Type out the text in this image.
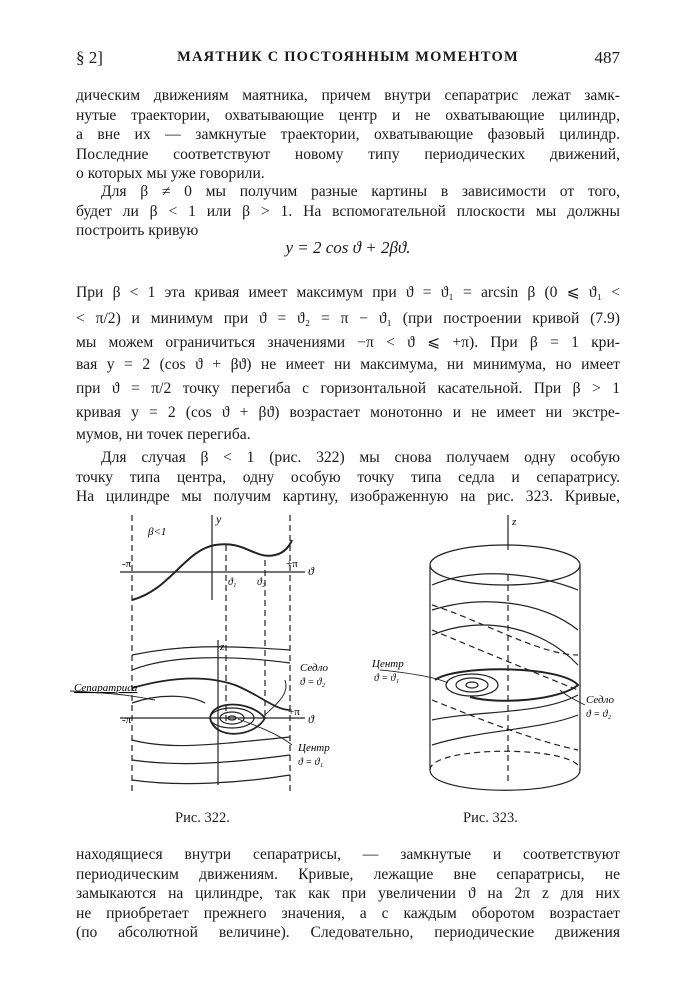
§ 2]	МАЯТНИК С ПОСТОЯННЫМ МОМЕНТОМ	487
дическим движениям маятника, причем внутри сепаратрис лежат замк-
нутые траектории, охватывающие центр и не охватывающие цилиндр,
а вне их — замкнутые траектории, охватывающие фазовый цилиндр.
Последние соответствуют новому типу периодических движений,
о которых мы уже говорили.
Для β ≠ 0 мы получим разные картины в зависимости от того,
будет ли β < 1 или β > 1. На вспомогательной плоскости мы должны
построить кривую
y = 2 cos ϑ + 2βϑ.
При β < 1 эта кривая имеет максимум при ϑ = ϑ₁ = arcsin β (0 ⩽ ϑ₁ <
< π/2) и минимум при ϑ = ϑ₂ = π − ϑ₁ (при построении кривой (7.9)
мы можем ограничиться значениями −π < ϑ ⩽ +π). При β = 1 кри-
вая y = 2 (cos ϑ + βϑ) не имеет ни максимума, ни минимума, но имеет
при ϑ = π/2 точку перегиба с горизонтальной касательной. При β > 1
кривая y = 2 (cos ϑ + βϑ) возрастает монотонно и не имеет ни экстре-
мумов, ни точек перегиба.
Для случая β < 1 (рис. 322) мы снова получаем одну особую
точку типа центра, одну особую точку типа седла и сепаратрису.
На цилиндре мы получим картину, изображенную на рис. 323. Кривые,
β<1
y
-π	+π ϑ
ϑ₁ ϑ₂
z
Сепаратриса
Седло
ϑ = ϑ₂
-π
+π ϑ
Центр
ϑ = ϑ₁
z
Центр
ϑ = ϑ₁
Седло
ϑ = ϑ₂
Рис. 322.	Рис. 323.
находящиеся внутри сепаратрисы, — замкнутые и соответствуют
периодическим движениям. Кривые, лежащие вне сепаратрисы, не
замыкаются на цилиндре, так как при увеличении ϑ на 2π z для них
не приобретает прежнего значения, а с каждым оборотом возрастает
(по абсолютной величине). Следовательно, периодические движения
